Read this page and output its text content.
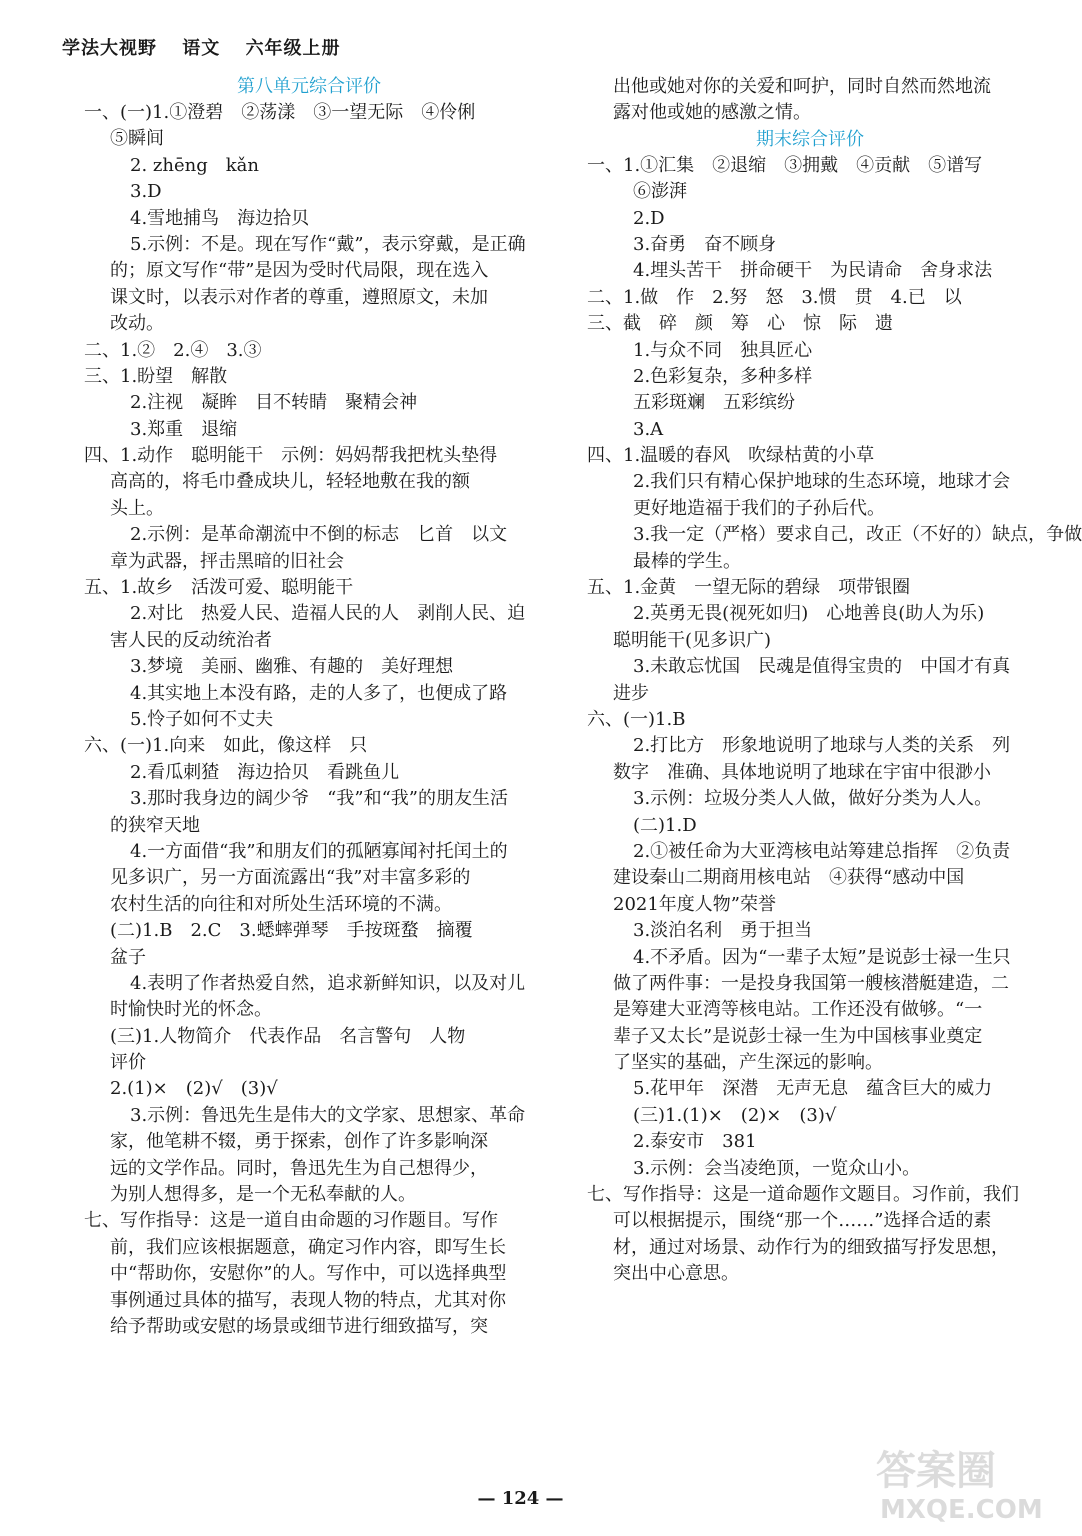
学法大视野 语文 六年级上册
第八单元综合评价
一、(一)1.①澄碧　②荡漾　③一望无际　④伶俐
⑤瞬间
2. zhēng　kǎn
3.D
4.雪地捕鸟　海边拾贝
5.示例：不是。现在写作“戴”，表示穿戴，是正确
的；原文写作“带”是因为受时代局限，现在选入
课文时，以表示对作者的尊重，遵照原文，未加
改动。
二、1.②　2.④　3.③
三、1.盼望　解散
2.注视　凝眸　目不转睛　聚精会神
3.郑重　退缩
四、1.动作　聪明能干　示例：妈妈帮我把枕头垫得
高高的，将毛巾叠成块儿，轻轻地敷在我的额
头上。
2.示例：是革命潮流中不倒的标志　匕首　以文
章为武器，抨击黑暗的旧社会
五、1.故乡　活泼可爱、聪明能干
2.对比　热爱人民、造福人民的人　剥削人民、迫
害人民的反动统治者
3.梦境　美丽、幽雅、有趣的　美好理想
4.其实地上本没有路，走的人多了，也便成了路
5.怜子如何不丈夫
六、(一)1.向来　如此，像这样　只
2.看瓜刺猹　海边拾贝　看跳鱼儿
3.那时我身边的阔少爷　“我”和“我”的朋友生活
的狭窄天地
4.一方面借“我”和朋友们的孤陋寡闻衬托闰土的
见多识广，另一方面流露出“我”对丰富多彩的
农村生活的向往和对所处生活环境的不满。
(二)1.B　2.C　3.蟋蟀弹琴　手按斑蝥　摘覆
盆子
4.表明了作者热爱自然，追求新鲜知识，以及对儿
时愉快时光的怀念。
(三)1.人物简介　代表作品　名言警句　人物
评价
2.(1)×　(2)√　(3)√
3.示例：鲁迅先生是伟大的文学家、思想家、革命
家，他笔耕不辍，勇于探索，创作了许多影响深
远的文学作品。同时，鲁迅先生为自己想得少，
为别人想得多，是一个无私奉献的人。
七、写作指导：这是一道自由命题的习作题目。写作
前，我们应该根据题意，确定习作内容，即写生长
中“帮助你，安慰你”的人。写作中，可以选择典型
事例通过具体的描写，表现人物的特点，尤其对你
给予帮助或安慰的场景或细节进行细致描写，突
出他或她对你的关爱和呵护，同时自然而然地流
露对他或她的感激之情。
期末综合评价
一、1.①汇集　②退缩　③拥戴　④贡献　⑤谱写
⑥澎湃
2.D
3.奋勇　奋不顾身
4.埋头苦干　拼命硬干　为民请命　舍身求法
二、1.做　作　2.努　怒　3.惯　贯　4.已　以
三、截　碎　颜　筹　心　惊　际　遗
1.与众不同　独具匠心
2.色彩复杂，多种多样
五彩斑斓　五彩缤纷
3.A
四、1.温暖的春风　吹绿枯黄的小草
2.我们只有精心保护地球的生态环境，地球才会
更好地造福于我们的子孙后代。
3.我一定（严格）要求自己，改正（不好的）缺点，争做
最棒的学生。
五、1.金黄　一望无际的碧绿　项带银圈
2.英勇无畏(视死如归)　心地善良(助人为乐)
聪明能干(见多识广)
3.未敢忘忧国　民魂是值得宝贵的　中国才有真
进步
六、(一)1.B
2.打比方　形象地说明了地球与人类的关系　列
数字　准确、具体地说明了地球在宇宙中很渺小
3.示例：垃圾分类人人做，做好分类为人人。
(二)1.D
2.①被任命为大亚湾核电站筹建总指挥　②负责
建设秦山二期商用核电站　④获得“感动中国
2021年度人物”荣誉
3.淡泊名利　勇于担当
4.不矛盾。因为“一辈子太短”是说彭士禄一生只
做了两件事：一是投身我国第一艘核潜艇建造，二
是筹建大亚湾等核电站。工作还没有做够。“一
辈子又太长”是说彭士禄一生为中国核事业奠定
了坚实的基础，产生深远的影响。
5.花甲年　深潜　无声无息　蕴含巨大的威力
(三)1.(1)×　(2)×　(3)√
2.泰安市　381
3.示例：会当凌绝顶，一览众山小。
七、写作指导：这是一道命题作文题目。习作前，我们
可以根据提示，围绕“那一个……”选择合适的素
材，通过对场景、动作行为的细致描写抒发思想，
突出中心意思。
— 124 —
答案圈
MXQE.COM
